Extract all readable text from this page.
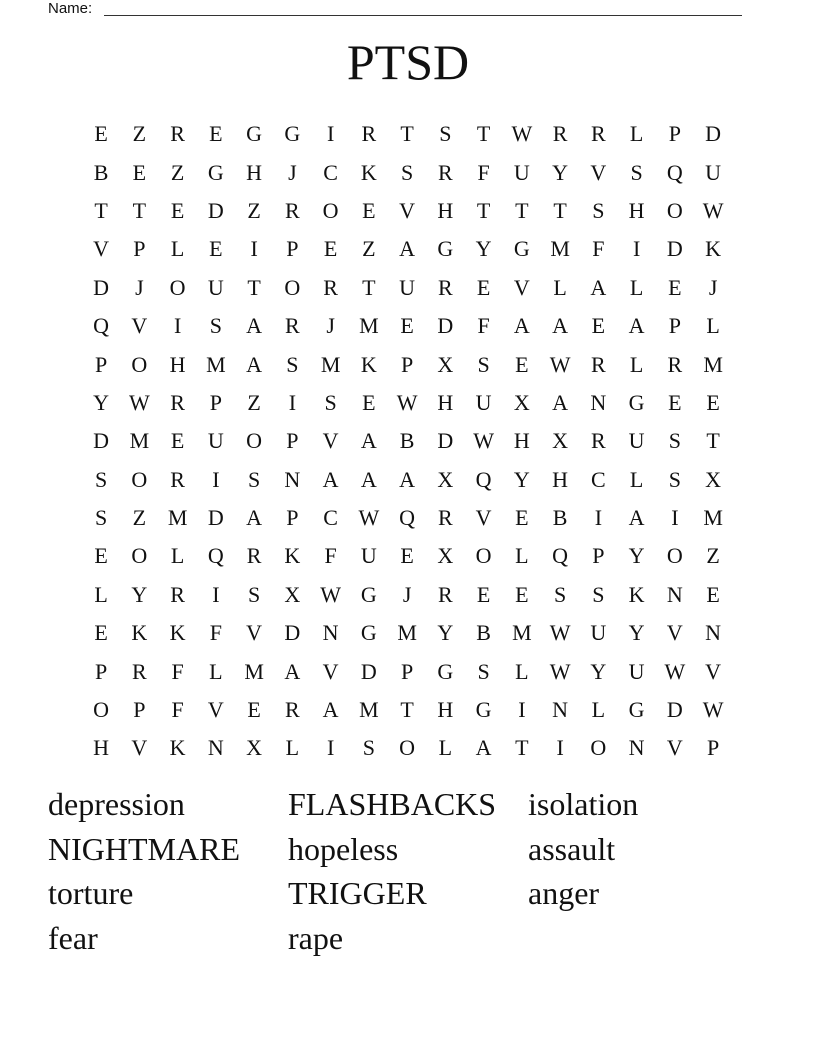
Name:
PTSD
E	Z	R	E	G	G	I	R	T	S	T W R	R	L	P	D
B	E	Z	G	H	J	C	K	S	R	F	U	Y	V	S	Q	U
T	T	E	D	Z	R	O	E	V	H	T	T	T	S	H	O W
V	P	L	E	I	P	E	Z	A	G	Y	G M	F	I	D	K
D	J	O	U	T	O	R	T	U	R	E	V	L	A	L	E	J
Q	V	I	S	A	R	J	M E	D	F	A	A	E	A	P	L
P	O	H M A	S	M K	P	X	S	E W R	L	R M
Y W R	P	Z	I	S	E W H	U	X	A	N	G	E	E
D M E	U	O	P	V	A	B	D W H	X	R	U	S	T
S	O	R	I	S	N	A	A	A	X	Q	Y	H	C	L	S	X
S	Z M D	A	P	C W Q	R	V	E	B	I	A	I	M
E	O	L	Q	R	K	F	U	E	X	O	L	Q	P	Y	O	Z
L	Y	R	I	S	X W G	J	R	E	E	S	S	K	N	E
E	K	K	F	V	D	N	G M Y	B M W U	Y	V	N
P	R	F	L M A	V	D	P	G	S	L W Y	U W V
O	P	F	V	E	R	A M T	H	G	I	N	L	G	D W
H	V	K	N	X	L	I	S	O	L	A	T	I	O	N	V	P
depression	FLASHBACKS isolation
NIGHTMARE	hopeless	assault
torture	TRIGGER	anger
fear	rape
